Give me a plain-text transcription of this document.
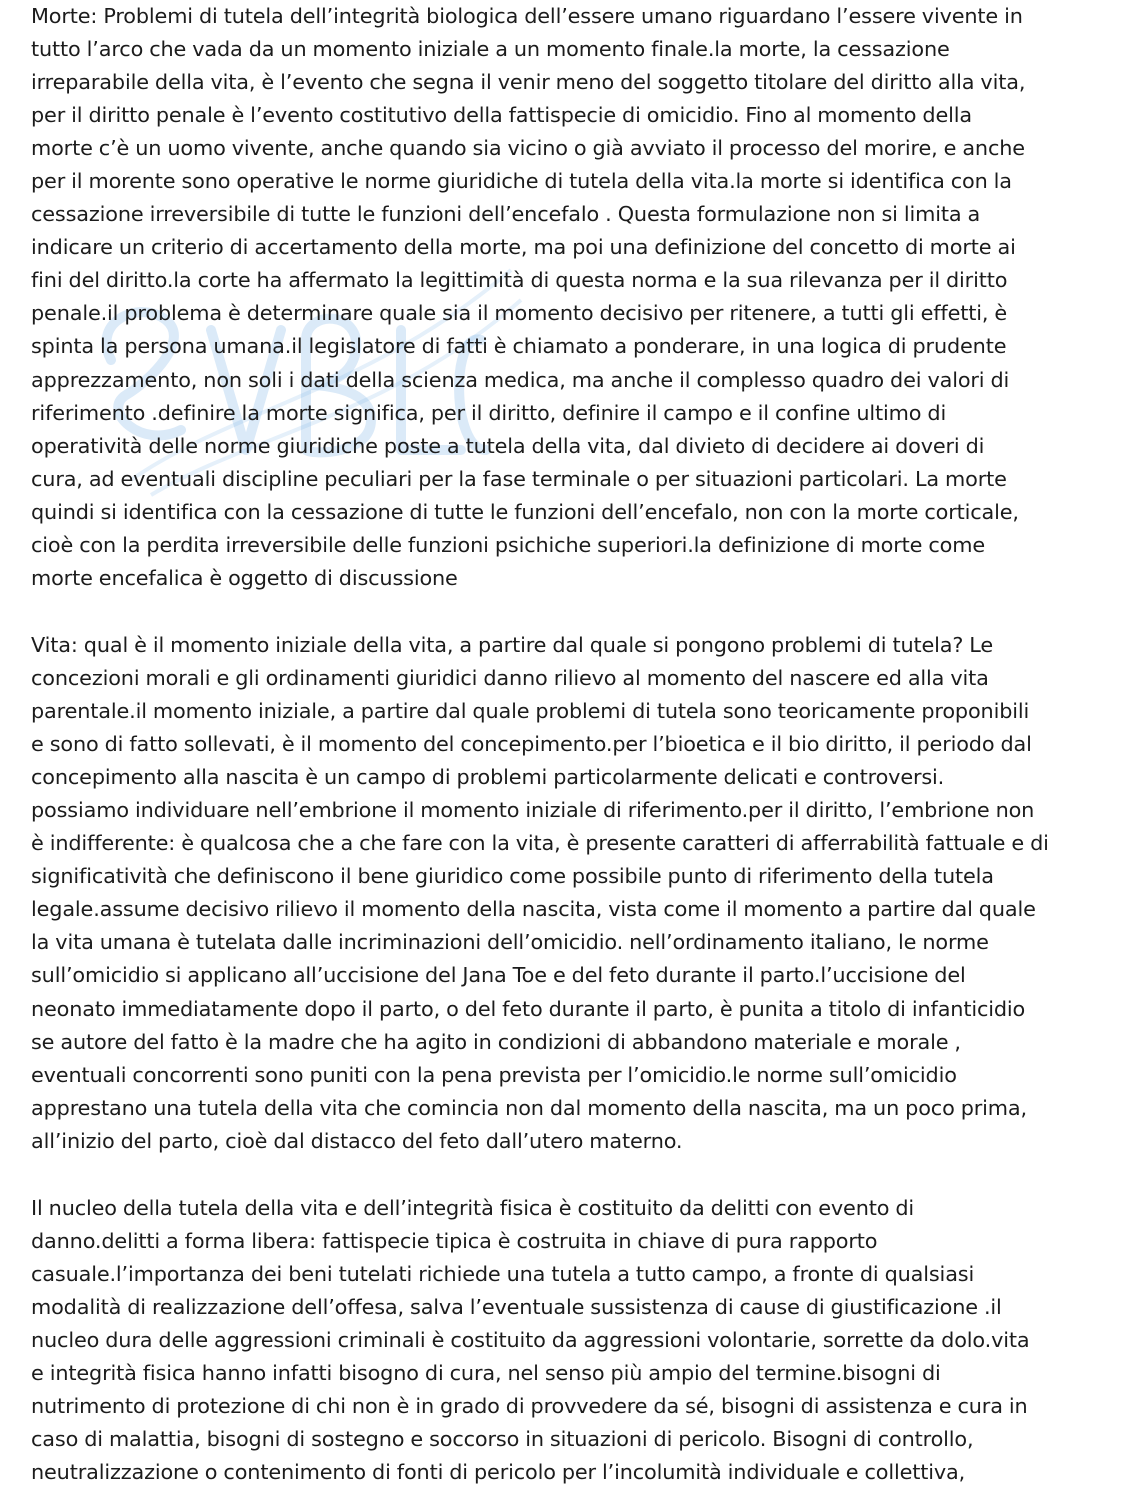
Morte: Problemi di tutela dell’integrità biologica dell’essere umano riguardano l’essere vivente in
tutto l’arco che vada da un momento iniziale a un momento finale.la morte, la cessazione
irreparabile della vita, è l’evento che segna il venir meno del soggetto titolare del diritto alla vita,
per il diritto penale è l’evento costitutivo della fattispecie di omicidio. Fino al momento della
morte c’è un uomo vivente, anche quando sia vicino o già avviato il processo del morire, e anche
per il morente sono operative le norme giuridiche di tutela della vita.la morte si identifica con la
cessazione irreversibile di tutte le funzioni dell’encefalo . Questa formulazione non si limita a
indicare un criterio di accertamento della morte, ma poi una definizione del concetto di morte ai
fini del diritto.la corte ha affermato la legittimità di questa norma e la sua rilevanza per il diritto
penale.il problema è determinare quale sia il momento decisivo per ritenere, a tutti gli effetti, è
spinta la persona umana.il legislatore di fatti è chiamato a ponderare, in una logica di prudente
apprezzamento, non soli i dati della scienza medica, ma anche il complesso quadro dei valori di
riferimento .definire la morte significa, per il diritto, definire il campo e il confine ultimo di
operatività delle norme giuridiche poste a tutela della vita, dal divieto di decidere ai doveri di
cura, ad eventuali discipline peculiari per la fase terminale o per situazioni particolari. La morte
quindi si identifica con la cessazione di tutte le funzioni dell’encefalo, non con la morte corticale,
cioè con la perdita irreversibile delle funzioni psichiche superiori.la definizione di morte come
morte encefalica è oggetto di discussione

Vita: qual è il momento iniziale della vita, a partire dal quale si pongono problemi di tutela? Le
concezioni morali e gli ordinamenti giuridici danno rilievo al momento del nascere ed alla vita
parentale.il momento iniziale, a partire dal quale problemi di tutela sono teoricamente proponibili
e sono di fatto sollevati, è il momento del concepimento.per l’bioetica e il bio diritto, il periodo dal
concepimento alla nascita è un campo di problemi particolarmente delicati e controversi.
possiamo individuare nell’embrione il momento iniziale di riferimento.per il diritto, l’embrione non
è indifferente: è qualcosa che a che fare con la vita, è presente caratteri di afferrabilità fattuale e di
significatività che definiscono il bene giuridico come possibile punto di riferimento della tutela
legale.assume decisivo rilievo il momento della nascita, vista come il momento a partire dal quale
la vita umana è tutelata dalle incriminazioni dell’omicidio. nell’ordinamento italiano, le norme
sull’omicidio si applicano all’uccisione del Jana Toe e del feto durante il parto.l’uccisione del
neonato immediatamente dopo il parto, o del feto durante il parto, è punita a titolo di infanticidio
se autore del fatto è la madre che ha agito in condizioni di abbandono materiale e morale ,
eventuali concorrenti sono puniti con la pena prevista per l’omicidio.le norme sull’omicidio
apprestano una tutela della vita che comincia non dal momento della nascita, ma un poco prima,
all’inizio del parto, cioè dal distacco del feto dall’utero materno.

Il nucleo della tutela della vita e dell’integrità fisica è costituito da delitti con evento di
danno.delitti a forma libera: fattispecie tipica è costruita in chiave di pura rapporto
casuale.l’importanza dei beni tutelati richiede una tutela a tutto campo, a fronte di qualsiasi
modalità di realizzazione dell’offesa, salva l’eventuale sussistenza di cause di giustificazione .il
nucleo dura delle aggressioni criminali è costituito da aggressioni volontarie, sorrette da dolo.vita
e integrità fisica hanno infatti bisogno di cura, nel senso più ampio del termine.bisogni di
nutrimento di protezione di chi non è in grado di provvedere da sé, bisogni di assistenza e cura in
caso di malattia, bisogni di sostegno e soccorso in situazioni di pericolo. Bisogni di controllo,
neutralizzazione o contenimento di fonti di pericolo per l’incolumità individuale e collettiva,
